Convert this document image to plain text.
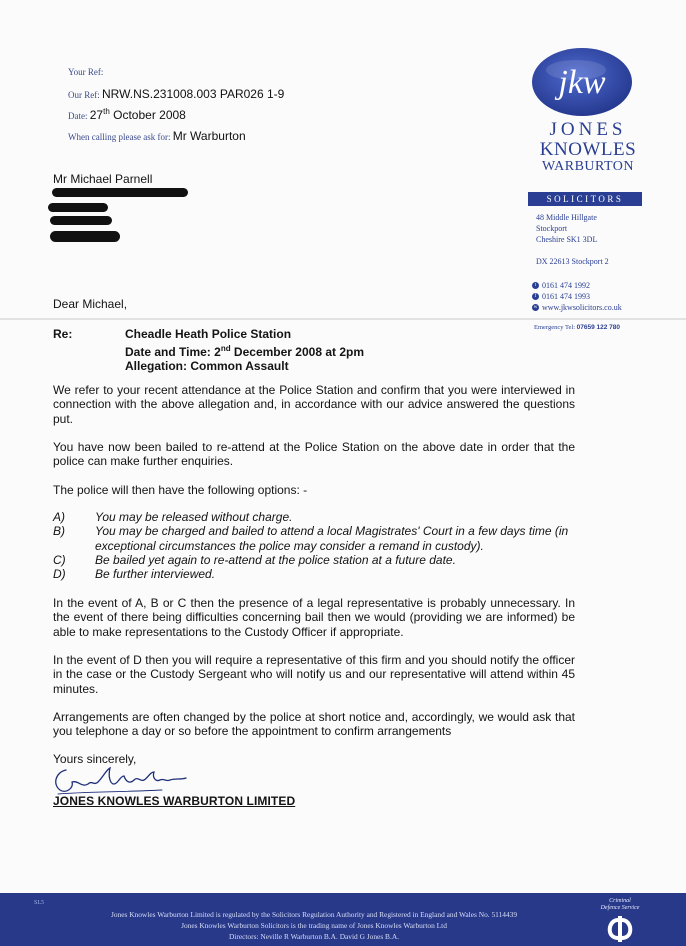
Your Ref:
Our Ref: NRW.NS.231008.003 PAR026 1-9
Date: 27th October 2008
When calling please ask for: Mr Warburton
jkw
JONES
KNOWLES
WARBURTON
SOLICITORS
48 Middle Hillgate
Stockport
Cheshire SK1 3DL
DX 22613 Stockport 2
t 0161 474 1992
f 0161 474 1993
w www.jkwsolicitors.co.uk
Emergency Tel: 07659 122 780
Mr Michael Parnell
Dear Michael,
Re:	Cheadle Heath Police Station
Date and Time: 2nd December 2008 at 2pm
Allegation: Common Assault
We refer to your recent attendance at the Police Station and confirm that you were interviewed in connection with the above allegation and, in accordance with our advice answered the questions put.
You have now been bailed to re-attend at the Police Station on the above date in order that the police can make further enquiries.
The police will then have the following options: -
A)	You may be released without charge.
B)	You may be charged and bailed to attend a local Magistrates' Court in a few days time (in exceptional circumstances the police may consider a remand in custody).
C)	Be bailed yet again to re-attend at the police station at a future date.
D)	Be further interviewed.
In the event of A, B or C then the presence of a legal representative is probably unnecessary. In the event of there being difficulties concerning bail then we would (providing we are informed) be able to make representations to the Custody Officer if appropriate.
In the event of D then you will require a representative of this firm and you should notify the officer in the case or the Custody Sergeant who will notify us and our representative will attend within 45 minutes.
Arrangements are often changed by the police at short notice and, accordingly, we would ask that you telephone a day or so before the appointment to confirm arrangements
Yours sincerely,
JONES KNOWLES WARBURTON LIMITED
SL5
Jones Knowles Warburton Limited is regulated by the Solicitors Regulation Authority and Registered in England and Wales No. 5114439
Jones Knowles Warburton Solicitors is the trading name of Jones Knowles Warburton Ltd
Directors: Neville R Warburton B.A. David G Jones B.A.
Criminal
Defence Service
